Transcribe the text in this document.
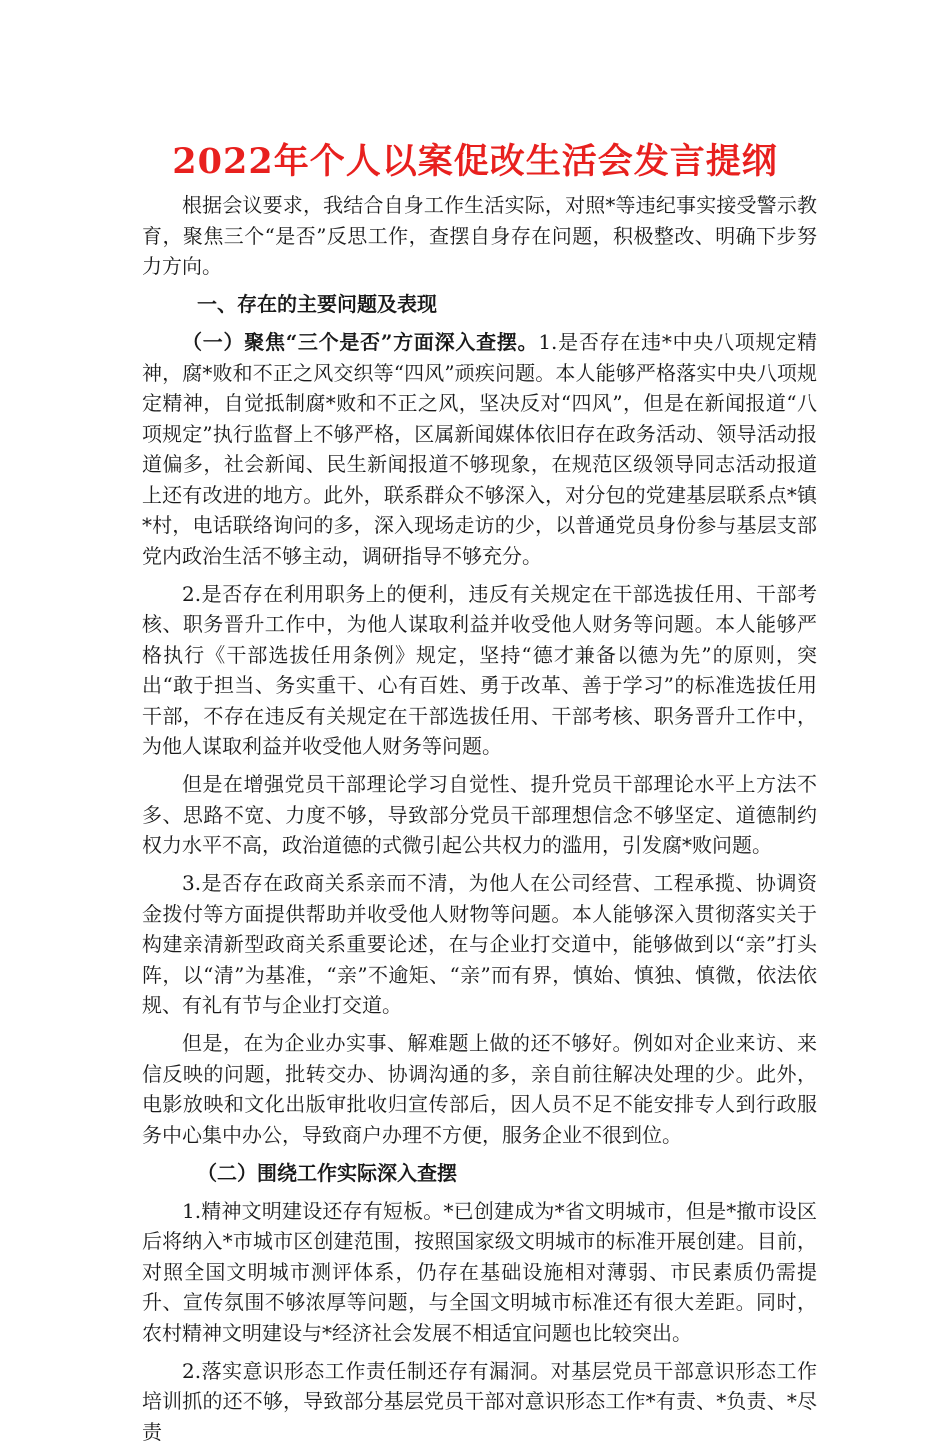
2022年个人以案促改生活会发言提纲

根据会议要求，我结合自身工作生活实际，对照*等违纪事实接受警示教育，聚焦三个“是否”反思工作，查摆自身存在问题，积极整改、明确下步努力方向。

一、存在的主要问题及表现

（一）聚焦“三个是否”方面深入查摆。1.是否存在违*中央八项规定精神，腐*败和不正之风交织等“四风”顽疾问题。本人能够严格落实中央八项规定精神，自觉抵制腐*败和不正之风，坚决反对“四风”，但是在新闻报道“八项规定”执行监督上不够严格，区属新闻媒体依旧存在政务活动、领导活动报道偏多，社会新闻、民生新闻报道不够现象，在规范区级领导同志活动报道上还有改进的地方。此外，联系群众不够深入，对分包的党建基层联系点*镇*村，电话联络询问的多，深入现场走访的少，以普通党员身份参与基层支部党内政治生活不够主动，调研指导不够充分。

2.是否存在利用职务上的便利，违反有关规定在干部选拔任用、干部考核、职务晋升工作中，为他人谋取利益并收受他人财务等问题。本人能够严格执行《干部选拔任用条例》规定，坚持“德才兼备以德为先”的原则，突出“敢于担当、务实重干、心有百姓、勇于改革、善于学习”的标准选拔任用干部，不存在违反有关规定在干部选拔任用、干部考核、职务晋升工作中，为他人谋取利益并收受他人财务等问题。

但是在增强党员干部理论学习自觉性、提升党员干部理论水平上方法不多、思路不宽、力度不够，导致部分党员干部理想信念不够坚定、道德制约权力水平不高，政治道德的式微引起公共权力的滥用，引发腐*败问题。

3.是否存在政商关系亲而不清，为他人在公司经营、工程承揽、协调资金拨付等方面提供帮助并收受他人财物等问题。本人能够深入贯彻落实关于构建亲清新型政商关系重要论述，在与企业打交道中，能够做到以“亲”打头阵，以“清”为基准，“亲”不逾矩、“亲”而有界，慎始、慎独、慎微，依法依规、有礼有节与企业打交道。

但是，在为企业办实事、解难题上做的还不够好。例如对企业来访、来信反映的问题，批转交办、协调沟通的多，亲自前往解决处理的少。此外，电影放映和文化出版审批收归宣传部后，因人员不足不能安排专人到行政服务中心集中办公，导致商户办理不方便，服务企业不很到位。

（二）围绕工作实际深入查摆

1.精神文明建设还存有短板。*已创建成为*省文明城市，但是*撤市设区后将纳入*市城市区创建范围，按照国家级文明城市的标准开展创建。目前，对照全国文明城市测评体系，仍存在基础设施相对薄弱、市民素质仍需提升、宣传氛围不够浓厚等问题，与全国文明城市标准还有很大差距。同时，农村精神文明建设与*经济社会发展不相适宜问题也比较突出。

2.落实意识形态工作责任制还存有漏洞。对基层党员干部意识形态工作培训抓的还不够，导致部分基层党员干部对意识形态工作*有责、*负责、*尽责
